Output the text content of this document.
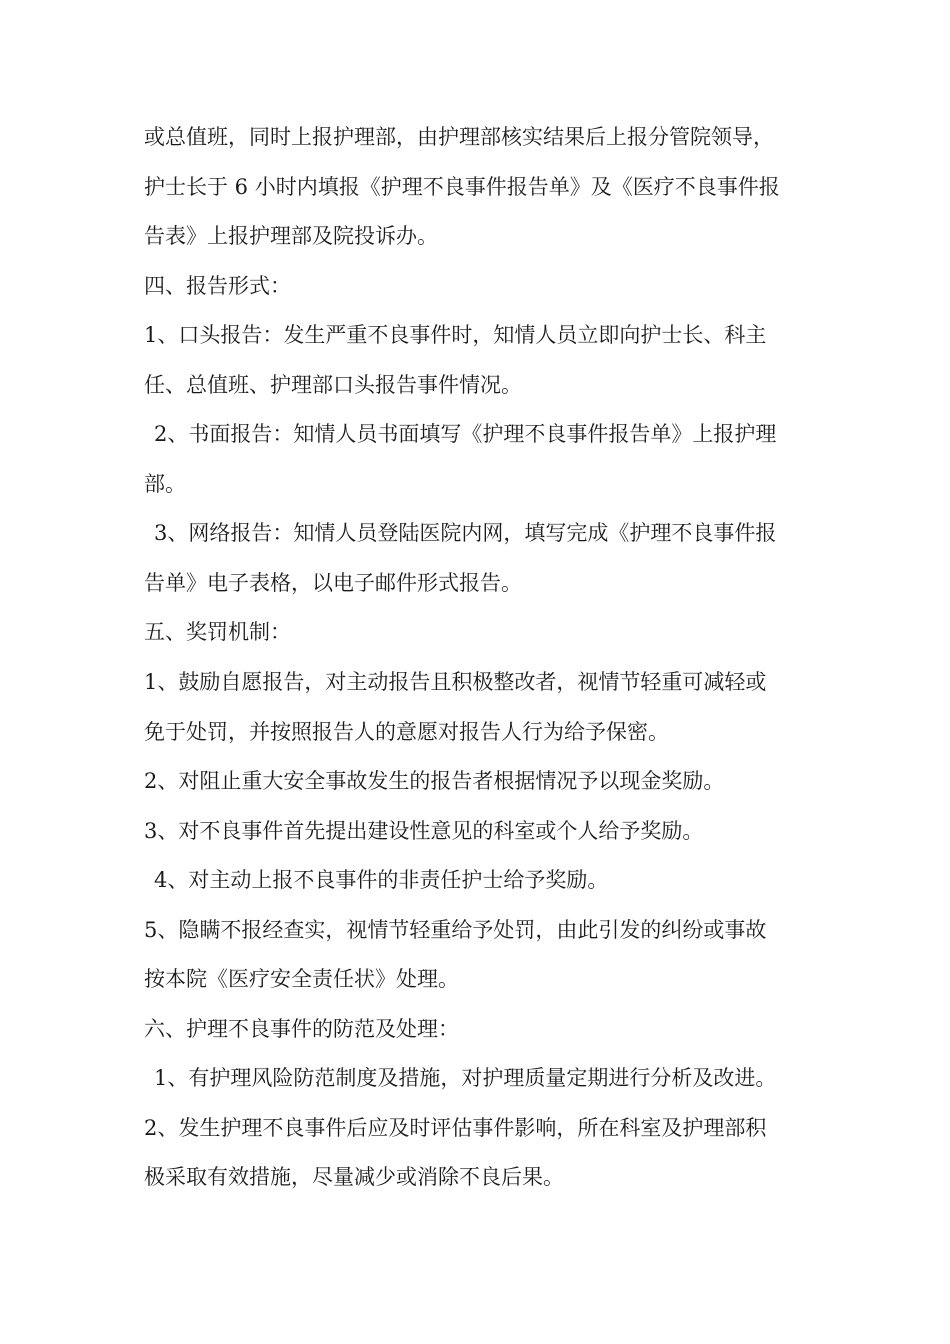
或总值班，同时上报护理部，由护理部核实结果后上报分管院领导，
护士长于 6 小时内填报《护理不良事件报告单》及《医疗不良事件报
告表》上报护理部及院投诉办。
四、报告形式：
1、口头报告：发生严重不良事件时，知情人员立即向护士长、科主
任、总值班、护理部口头报告事件情况。
2、书面报告：知情人员书面填写《护理不良事件报告单》上报护理
部。
3、网络报告：知情人员登陆医院内网，填写完成《护理不良事件报
告单》电子表格，以电子邮件形式报告。
五、奖罚机制：
1、鼓励自愿报告，对主动报告且积极整改者，视情节轻重可减轻或
免于处罚，并按照报告人的意愿对报告人行为给予保密。
2、对阻止重大安全事故发生的报告者根据情况予以现金奖励。
3、对不良事件首先提出建设性意见的科室或个人给予奖励。
4、对主动上报不良事件的非责任护士给予奖励。
5、隐瞒不报经查实，视情节轻重给予处罚，由此引发的纠纷或事故
按本院《医疗安全责任状》处理。
六、护理不良事件的防范及处理：
1、有护理风险防范制度及措施，对护理质量定期进行分析及改进。
2、发生护理不良事件后应及时评估事件影响，所在科室及护理部积
极采取有效措施，尽量减少或消除不良后果。
